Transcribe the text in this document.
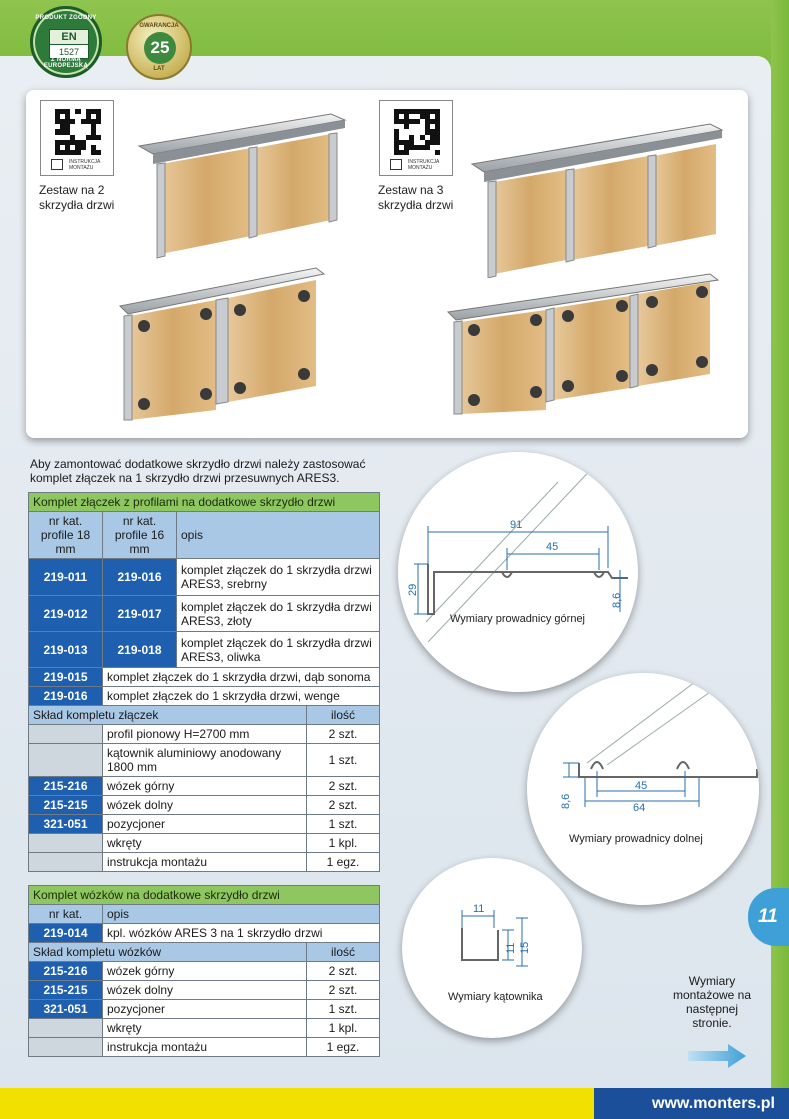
PRODUKT ZGODNY
EN
1527
Z NORMĄ EUROPEJSKĄ
GWARANCJA
25
LAT
INSTRUKCJA
MONTAŻU
Zestaw na 2
skrzydła drzwi
INSTRUKCJA
MONTAŻU
Zestaw na 3
skrzydła drzwi
Aby zamontować dodatkowe skrzydło drzwi należy zastosować komplet złączek na 1 skrzydło drzwi przesuwnych ARES3.
Komplet złączek z profilami na dodatkowe skrzydło drzwi			
nr kat. profile 18 mm	nr kat. profile 16 mm	opis	
219-011	219-016	komplet złączek do 1 skrzydła drzwi ARES3, srebrny	
219-012	219-017	komplet złączek do 1 skrzydła drzwi ARES3, złoty	
219-013	219-018	komplet złączek do 1 skrzydła drzwi ARES3, oliwka	
219-015	komplet złączek do 1 skrzydła drzwi, dąb sonoma		
219-016	komplet złączek do 1 skrzydła drzwi, wenge		
Skład kompletu złączek			ilość
	profil pionowy H=2700 mm		2 szt.
	kątownik aluminiowy anodowany 1800 mm		1 szt.
215-216	wózek górny		2 szt.
215-215	wózek dolny		2 szt.
321-051	pozycjoner		1 szt.
	wkręty		1 kpl.
	instrukcja montażu		1 egz.
Komplet wózków na dodatkowe skrzydło drzwi		
nr kat.	opis	
219-014	kpl. wózków ARES 3 na 1 skrzydło drzwi	
Skład kompletu wózków		ilość
215-216	wózek górny	2 szt.
215-215	wózek dolny	2 szt.
321-051	pozycjoner	1 szt.
	wkręty	1 kpl.
	instrukcja montażu	1 egz.
91
45
29
8,6
Wymiary prowadnicy górnej
45
64
8,6
Wymiary prowadnicy dolnej
11
11 15
Wymiary kątownika
11
Wymiary montażowe na następnej stronie.
www.monters.pl
